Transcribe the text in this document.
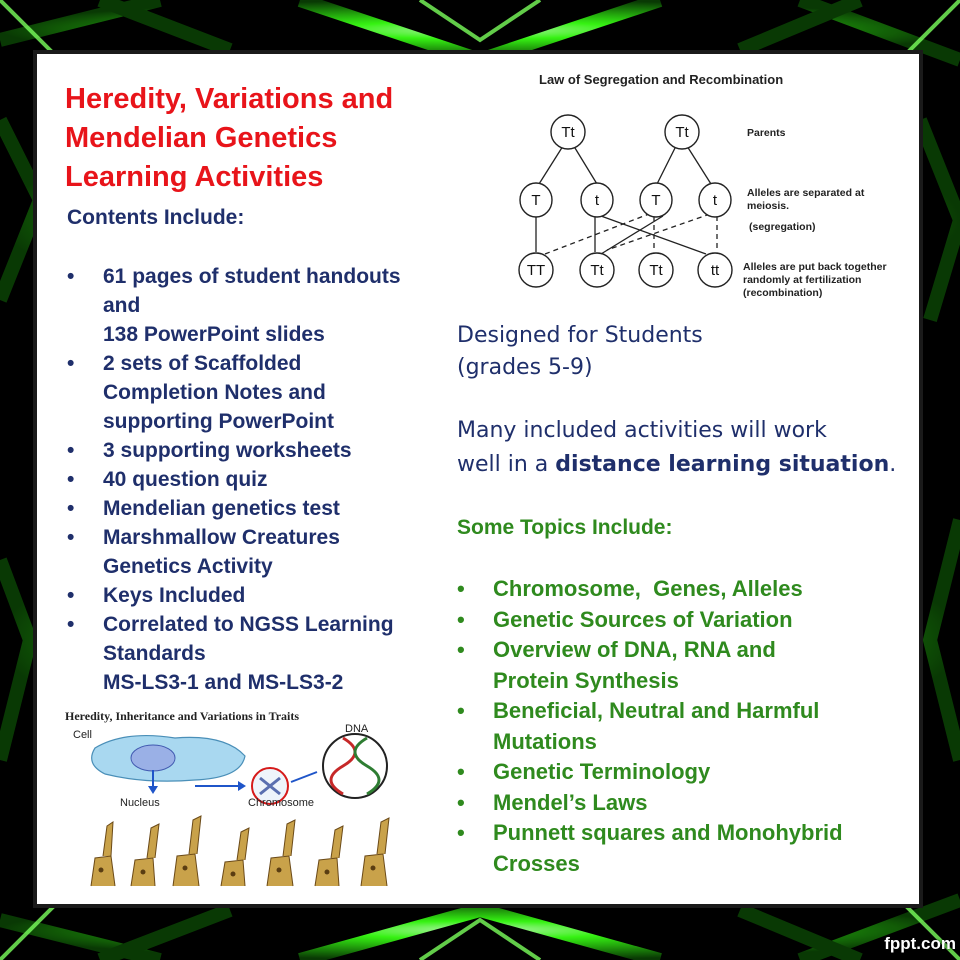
Heredity, Variations and
Mendelian Genetics
Learning Activities
Contents Include:
• 61 pages of student handouts
and
138 PowerPoint slides
• 2 sets of Scaffolded
Completion Notes and
supporting PowerPoint
• 3 supporting worksheets
• 40 question quiz
• Mendelian genetics test
• Marshmallow Creatures
Genetics Activity
• Keys Included
• Correlated to NGSS Learning
Standards
MS-LS3-1 and MS-LS3-2
Law of Segregation and Recombination
Tt	Tt
T	t	T	t
TT	Tt	Tt	tt
Parents
Alleles are separated at
meiosis.
(segregation)
Alleles are put back together
randomly at fertilization
(recombination)

Designed for Students
(grades 5-9)

Many included activities will work
well in a distance learning situation.

Some Topics Include:
• Chromosome,  Genes, Alleles
• Genetic Sources of Variation
• Overview of DNA, RNA and
Protein Synthesis
• Beneficial, Neutral and Harmful
Mutations
• Genetic Terminology
• Mendel’s Laws
• Punnett squares and Monohybrid
Crosses
Heredity, Inheritance and Variations in Traits
Cell
Nucleus	Chromosome
DNA
fppt.com
